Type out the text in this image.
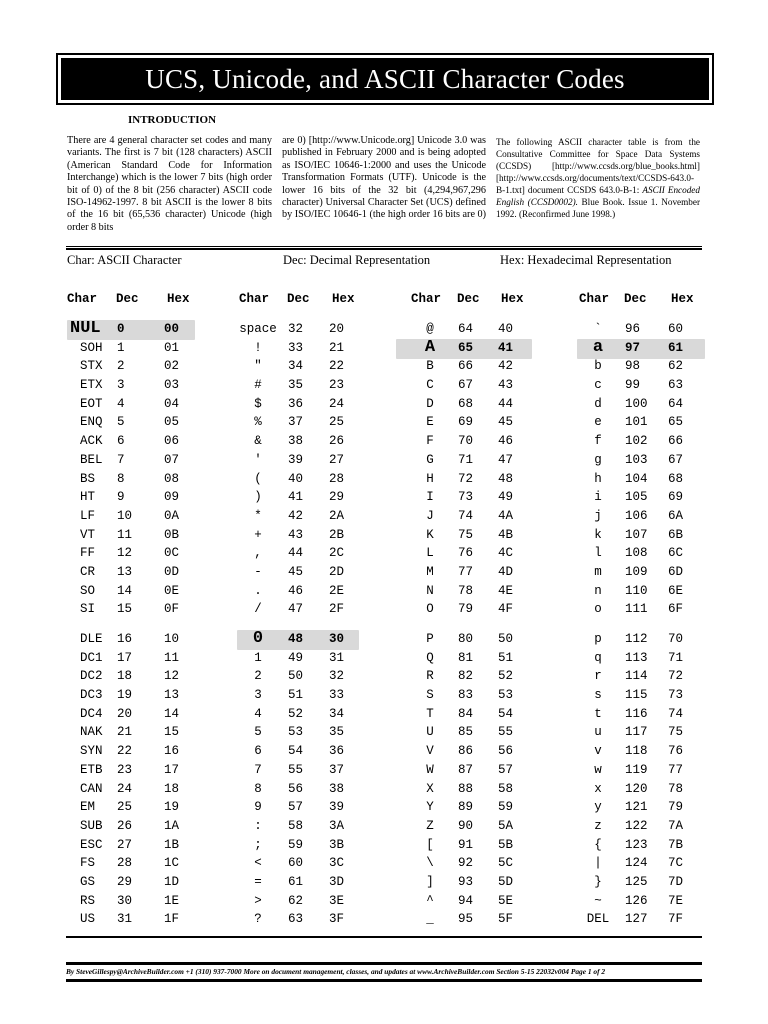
UCS, Unicode, and ASCII Character Codes
INTRODUCTION
There are 4 general character set codes and many variants. The first is 7 bit (128 characters) ASCII (American Standard Code for Information Interchange) which is the lower 7 bits (high order bit of 0) of the 8 bit (256 character) ASCII code ISO-14962-1997. 8 bit ASCII is the lower 8 bits of the 16 bit (65,536 character) Unicode (high order 8 bits
are 0) [http://www.Unicode.org] Unicode 3.0 was published in February 2000 and is being adopted as ISO/IEC 10646-1:2000 and uses the Unicode Transformation Formats (UTF). Unicode is the lower 16 bits of the 32 bit (4,294,967,296 character) Universal Character Set (UCS) defined by ISO/IEC 10646-1 (the high order 16 bits are 0)
The following ASCII character table is from the Consultative Committee for Space Data Systems (CCSDS) [http://www.ccsds.org/blue_books.html] [http://www.ccsds.org/documents/text/CCSDS-643.0-B-1.txt] document CCSDS 643.0-B-1: ASCII Encoded English (CCSD0002). Blue Book. Issue 1. November 1992. (Reconfirmed June 1998.)
Char: ASCII Character	Dec: Decimal Representation	Hex: Hexadecimal Representation
Char Dec Hex
NUL 0	00
SOH 1	01
STX 2	02
ETX 3	03
EOT 4	04
ENQ 5	05
ACK 6	06
BEL 7	07
BS 8	08
HT 9	09
LF 10	0A
VT 11	0B
FF 12	0C
CR 13	0D
SO 14	0E
SI 15	0F
DLE 16	10
DC1 17	11
DC2 18	12
DC3 19	13
DC4 20	14
NAK 21	15
SYN 22	16
ETB 23	17
CAN 24	18
EM 25	19
SUB 26	1A
ESC 27	1B
FS 28	1C
GS 29	1D
RS 30	1E
US 31	1F
Char Dec Hex
space 32 20
!	33 21
"	34 22
#	35 23
$	36 24
%	37 25
&	38 26
'	39 27
(	40 28
)	41 29
*	42 2A
+	43 2B
,	44 2C
-	45 2D
.	46 2E
/	47 2F
0	48 30
1	49 31
2	50 32
3	51 33
4	52 34
5	53 35
6	54 36
7	55 37
8	56 38
9	57 39
:	58 3A
;	59 3B
<	60 3C
=	61 3D
>	62 3E
?	63 3F
Char Dec Hex
@	64 40
A	65 41
B	66 42
C	67 43
D	68 44
E	69 45
F	70 46
G	71 47
H	72 48
I	73 49
J	74 4A
K	75 4B
L	76 4C
M	77 4D
N	78 4E
O	79 4F
P	80 50
Q	81 51
R	82 52
S	83 53
T	84 54
U	85 55
V	86 56
W	87 57
X	88 58
Y	89 59
Z	90 5A
[	91 5B
\	92 5C
]	93 5D
^	94 5E
_	95 5F
Char Dec Hex
`	96 60
a	97 61
b	98 62
c	99 63
d	100 64
e	101 65
f	102 66
g	103 67
h	104 68
i	105 69
j	106 6A
k	107 6B
l	108 6C
m	109 6D
n	110 6E
o	111 6F
p	112 70
q	113 71
r	114 72
s	115 73
t	116 74
u	117 75
v	118 76
w	119 77
x	120 78
y	121 79
z	122 7A
{	123 7B
|	124 7C
}	125 7D
~	126 7E
DEL	127 7F
By SteveGillespy@ArchiveBuilder.com +1 (310) 937-7000 More on document management, classes, and updates at www.ArchiveBuilder.com Section 5-15 22032v004 Page 1 of 2
